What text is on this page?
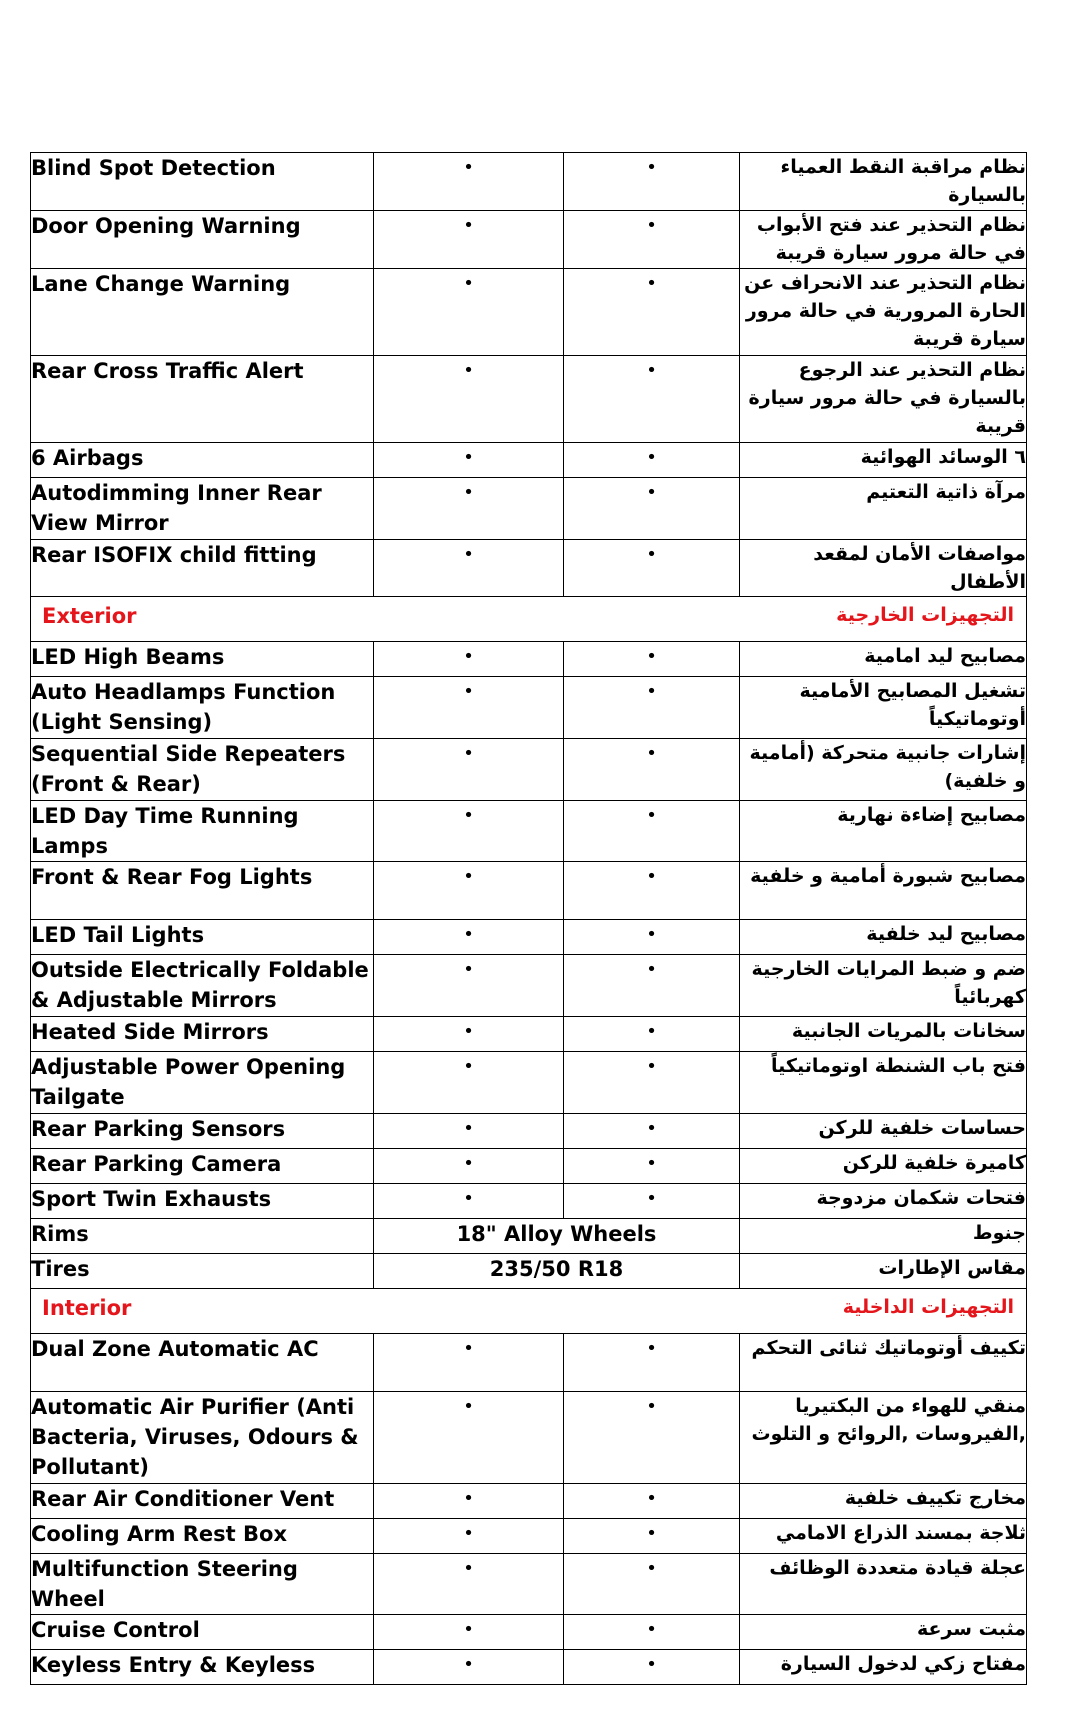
Blind Spot Detection	•	•	نظام مراقبة النقط العمياء بالسيارة
Door Opening Warning	•	•	نظام التحذير عند فتح الأبواب في حالة مرور سيارة قريبة
Lane Change Warning	•	•	نظام التحذير عند الانحراف عن الحارة المرورية في حالة مرور سيارة قريبة
Rear Cross Traffic Alert	•	•	نظام التحذير عند الرجوع بالسيارة في حالة مرور سيارة قريبة
6 Airbags	•	•	٦ الوسائد الهوائية
Autodimming Inner Rear View Mirror	•	•	مرآة ذاتية التعتيم
Rear ISOFIX child fitting	•	•	مواصفات الأمان لمقعد الأطفال

Exterior التجهيزات الخارجية			

LED High Beams	•	•	مصابيح ليد امامية
Auto Headlamps Function (Light Sensing)	•	•	تشغيل المصابيح الأمامية أوتوماتيكياً
Sequential Side Repeaters (Front & Rear)	•	•	إشارات جانبية متحركة (أمامية و خلفية)
LED Day Time Running Lamps	•	•	مصابيح إضاءة نهارية
Front & Rear Fog Lights	•	•	مصابيح شبورة أمامية و خلفية
LED Tail Lights	•	•	مصابيح ليد خلفية
Outside Electrically Foldable & Adjustable Mirrors	•	•	ضم و ضبط المرايات الخارجية كهربائياً
Heated Side Mirrors	•	•	سخانات بالمريات الجانبية
Adjustable Power Opening Tailgate	•	•	فتح باب الشنطة اوتوماتيكياً
Rear Parking Sensors	•	•	حساسات خلفية للركن
Rear Parking Camera	•	•	كاميرة خلفية للركن
Sport Twin Exhausts	•	•	فتحات شكمان مزدوجة
Rims	18" Alloy Wheels		جنوط
Tires	235/50 R18		مقاس الإطارات

Interior التجهيزات الداخلية			

Dual Zone Automatic AC	•	•	تكييف أوتوماتيك ثنائى التحكم
Automatic Air Purifier (Anti Bacteria, Viruses, Odours & Pollutant)	•	•	منقي للهواء من البكتيريا ,الفيروسات ,الروائح و التلوث
Rear Air Conditioner Vent	•	•	مخارج تكييف خلفية
Cooling Arm Rest Box	•	•	ثلاجة بمسند الذراع الامامي
Multifunction Steering Wheel	•	•	عجلة قيادة متعددة الوظائف
Cruise Control	•	•	مثبت سرعة
Keyless Entry & Keyless	•	•	مفتاح زكي لدخول السيارة
